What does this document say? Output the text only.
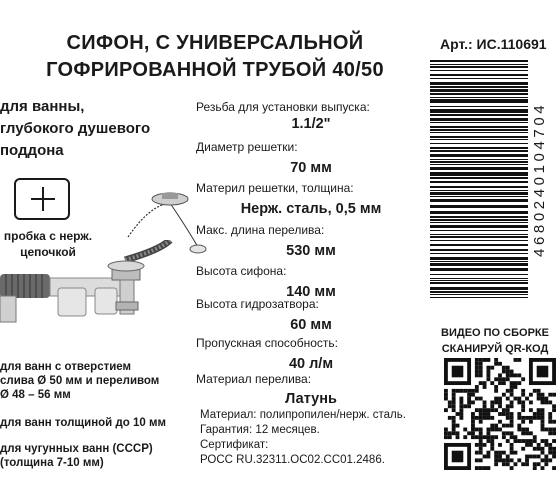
СИФОН, С УНИВЕРСАЛЬНОЙ
ГОФРИРОВАННОЙ ТРУБОЙ 40/50
Арт.: ИС.110691
4680240104704
для ванны,
глубокого душевого
поддона
пробка с нерж.
цепочкой

для ванн с отверстием

слива Ø 50 мм и переливом

Ø 48 – 56 мм

для ванн толщиной до 10 мм

для чугунных ванн (СССР)

(толщина 7-10 мм)

Резьба для установки выпуска:
1.1/2"
Диаметр решетки:
70 мм
Материл решетки, толщина:
Нерж. сталь, 0,5 мм
Макс. длина перелива:
530 мм
Высота сифона:
140 мм
Высота гидрозатвора:
60 мм
Пропускная способность:
40 л/м
Материал перелива:
Латунь
Материал: полипропилен/нерж. сталь.
Гарантия: 12 месяцев.
Сертификат:
РОСС RU.32311.ОС02.СС01.2486.
ВИДЕО ПО СБОРКЕ
СКАНИРУЙ QR-КОД
